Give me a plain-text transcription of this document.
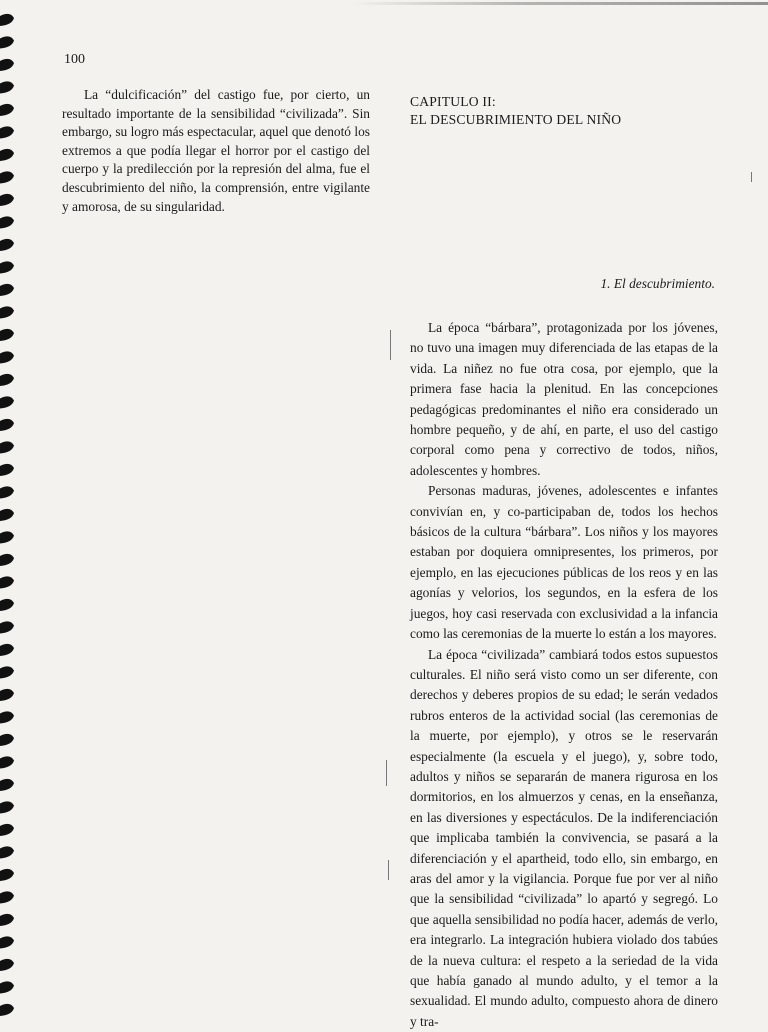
100

La “dulcificación” del castigo fue, por cierto, un resultado importante de la sensibilidad “civilizada”. Sin embargo, su logro más espectacular, aquel que denotó los extremos a que podía llegar el horror por el castigo del cuerpo y la predilección por la represión del alma, fue el descubrimiento del niño, la comprensión, entre vigilante y amorosa, de su singularidad.

CAPITULO II:
EL DESCUBRIMIENTO DEL NIÑO
1. El descubrimiento.

La época “bárbara”, protagonizada por los jóvenes, no tuvo una imagen muy diferenciada de las etapas de la vida. La niñez no fue otra cosa, por ejemplo, que la primera fase hacia la plenitud. En las concepciones pedagógicas predominantes el niño era considerado un hombre pequeño, y de ahí, en parte, el uso del castigo corporal como pena y correctivo de todos, niños, adolescentes y hombres.

Personas maduras, jóvenes, adolescentes e infantes convivían en, y co-participaban de, todos los hechos básicos de la cultura “bárbara”. Los niños y los mayores estaban por doquiera omnipresentes, los primeros, por ejemplo, en las ejecuciones públicas de los reos y en las agonías y velorios, los segundos, en la esfera de los juegos, hoy casi reservada con exclusividad a la infancia como las ceremonias de la muerte lo están a los mayores.

La época “civilizada” cambiará todos estos supuestos culturales. El niño será visto como un ser diferente, con derechos y deberes propios de su edad; le serán vedados rubros enteros de la actividad social (las ceremonias de la muerte, por ejemplo), y otros se le reservarán especialmente (la escuela y el juego), y, sobre todo, adultos y niños se separarán de manera rigurosa en los dormitorios, en los almuerzos y cenas, en la enseñanza, en las diversiones y espectáculos. De la indiferenciación que implicaba también la convivencia, se pasará a la diferenciación y el apartheid, todo ello, sin embargo, en aras del amor y la vigilancia. Porque fue por ver al niño que la sensibilidad “civilizada” lo apartó y segregó. Lo que aquella sensibilidad no podía hacer, además de verlo, era integrarlo. La integración hubiera violado dos tabúes de la nueva cultura: el respeto a la seriedad de la vida que había ganado al mundo adulto, y el temor a la sexualidad. El mundo adulto, compuesto ahora de dinero y tra-
